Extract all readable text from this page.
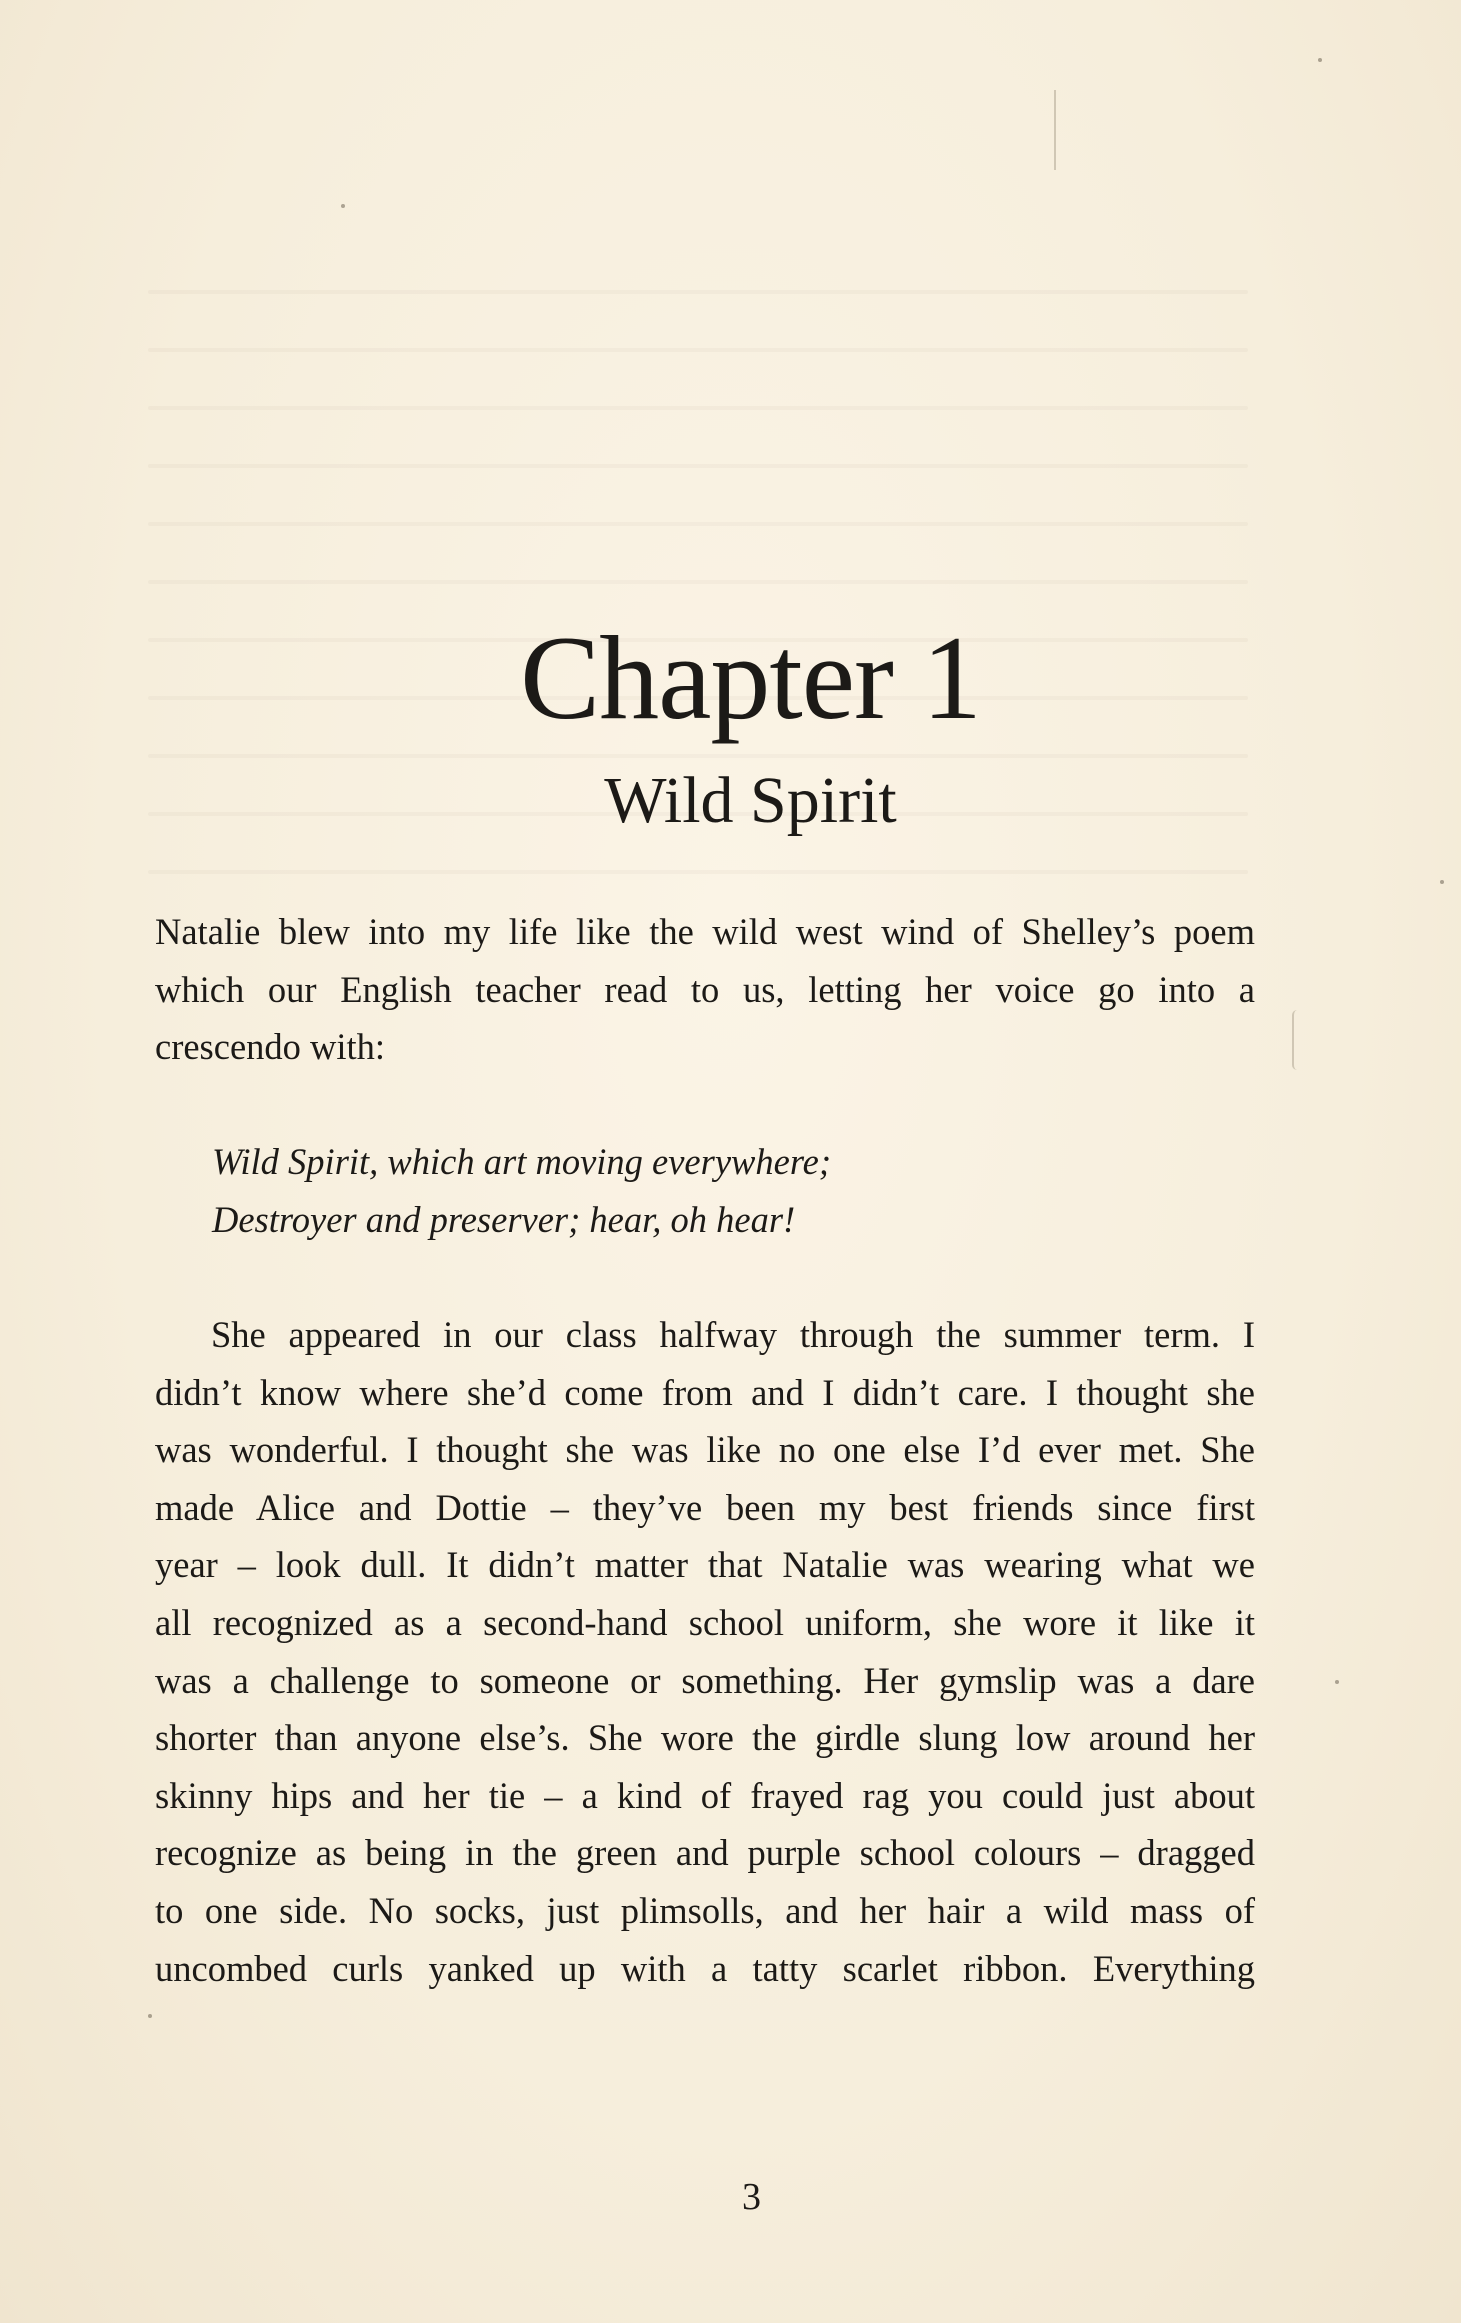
Chapter 1
Wild Spirit

Natalie blew into my life like the wild west wind of Shelley’s poem
which our English teacher read to us, letting her voice go into a
crescendo with:

Wild Spirit, which art moving everywhere;
Destroyer and preserver; hear, oh hear!

She appeared in our class halfway through the summer term. I
didn’t know where she’d come from and I didn’t care. I thought she
was wonderful. I thought she was like no one else I’d ever met. She
made Alice and Dottie – they’ve been my best friends since first
year – look dull. It didn’t matter that Natalie was wearing what we
all recognized as a second-hand school uniform, she wore it like it
was a challenge to someone or something. Her gymslip was a dare
shorter than anyone else’s. She wore the girdle slung low around her
skinny hips and her tie – a kind of frayed rag you could just about
recognize as being in the green and purple school colours – dragged
to one side. No socks, just plimsolls, and her hair a wild mass of
uncombed curls yanked up with a tatty scarlet ribbon. Everything

3
